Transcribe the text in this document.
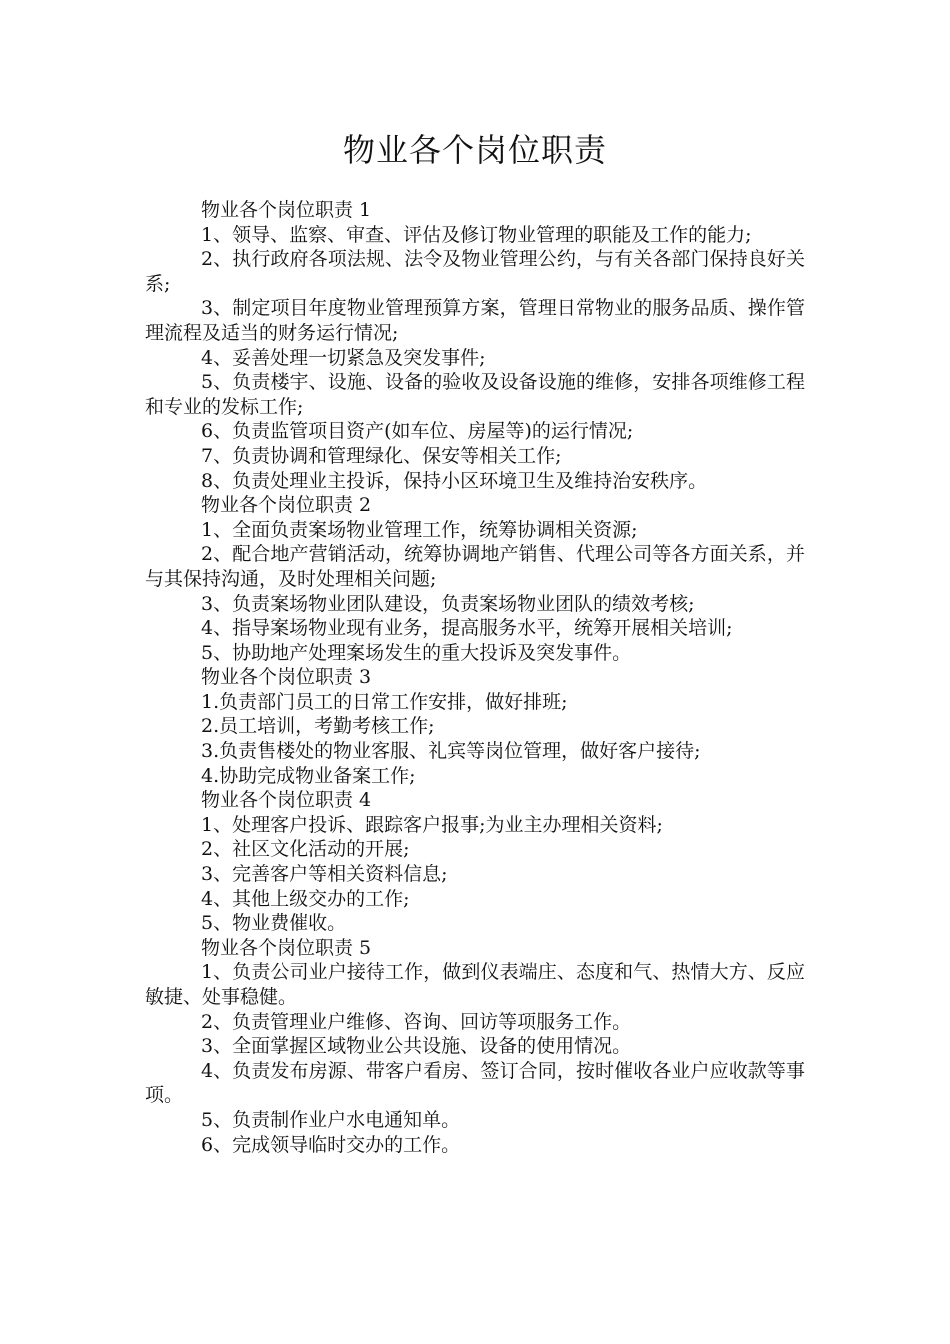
物业各个岗位职责

物业各个岗位职责 1

1、领导、监察、审查、评估及修订物业管理的职能及工作的能力;

2、执行政府各项法规、法令及物业管理公约，与有关各部门保持良好关系;

3、制定项目年度物业管理预算方案，管理日常物业的服务品质、操作管理流程及适当的财务运行情况;

4、妥善处理一切紧急及突发事件;

5、负责楼宇、设施、设备的验收及设备设施的维修，安排各项维修工程和专业的发标工作;

6、负责监管项目资产(如车位、房屋等)的运行情况;

7、负责协调和管理绿化、保安等相关工作;

8、负责处理业主投诉，保持小区环境卫生及维持治安秩序。

物业各个岗位职责 2

1、全面负责案场物业管理工作，统筹协调相关资源;

2、配合地产营销活动，统筹协调地产销售、代理公司等各方面关系，并与其保持沟通，及时处理相关问题;

3、负责案场物业团队建设，负责案场物业团队的绩效考核;

4、指导案场物业现有业务，提高服务水平，统筹开展相关培训;

5、协助地产处理案场发生的重大投诉及突发事件。

物业各个岗位职责 3

1.负责部门员工的日常工作安排，做好排班;

2.员工培训，考勤考核工作;

3.负责售楼处的物业客服、礼宾等岗位管理，做好客户接待;

4.协助完成物业备案工作;

物业各个岗位职责 4

1、处理客户投诉、跟踪客户报事;为业主办理相关资料;

2、社区文化活动的开展;

3、完善客户等相关资料信息;

4、其他上级交办的工作;

5、物业费催收。

物业各个岗位职责 5

1、负责公司业户接待工作，做到仪表端庄、态度和气、热情大方、反应敏捷、处事稳健。

2、负责管理业户维修、咨询、回访等项服务工作。

3、全面掌握区域物业公共设施、设备的使用情况。

4、负责发布房源、带客户看房、签订合同，按时催收各业户应收款等事项。

5、负责制作业户水电通知单。

6、完成领导临时交办的工作。
